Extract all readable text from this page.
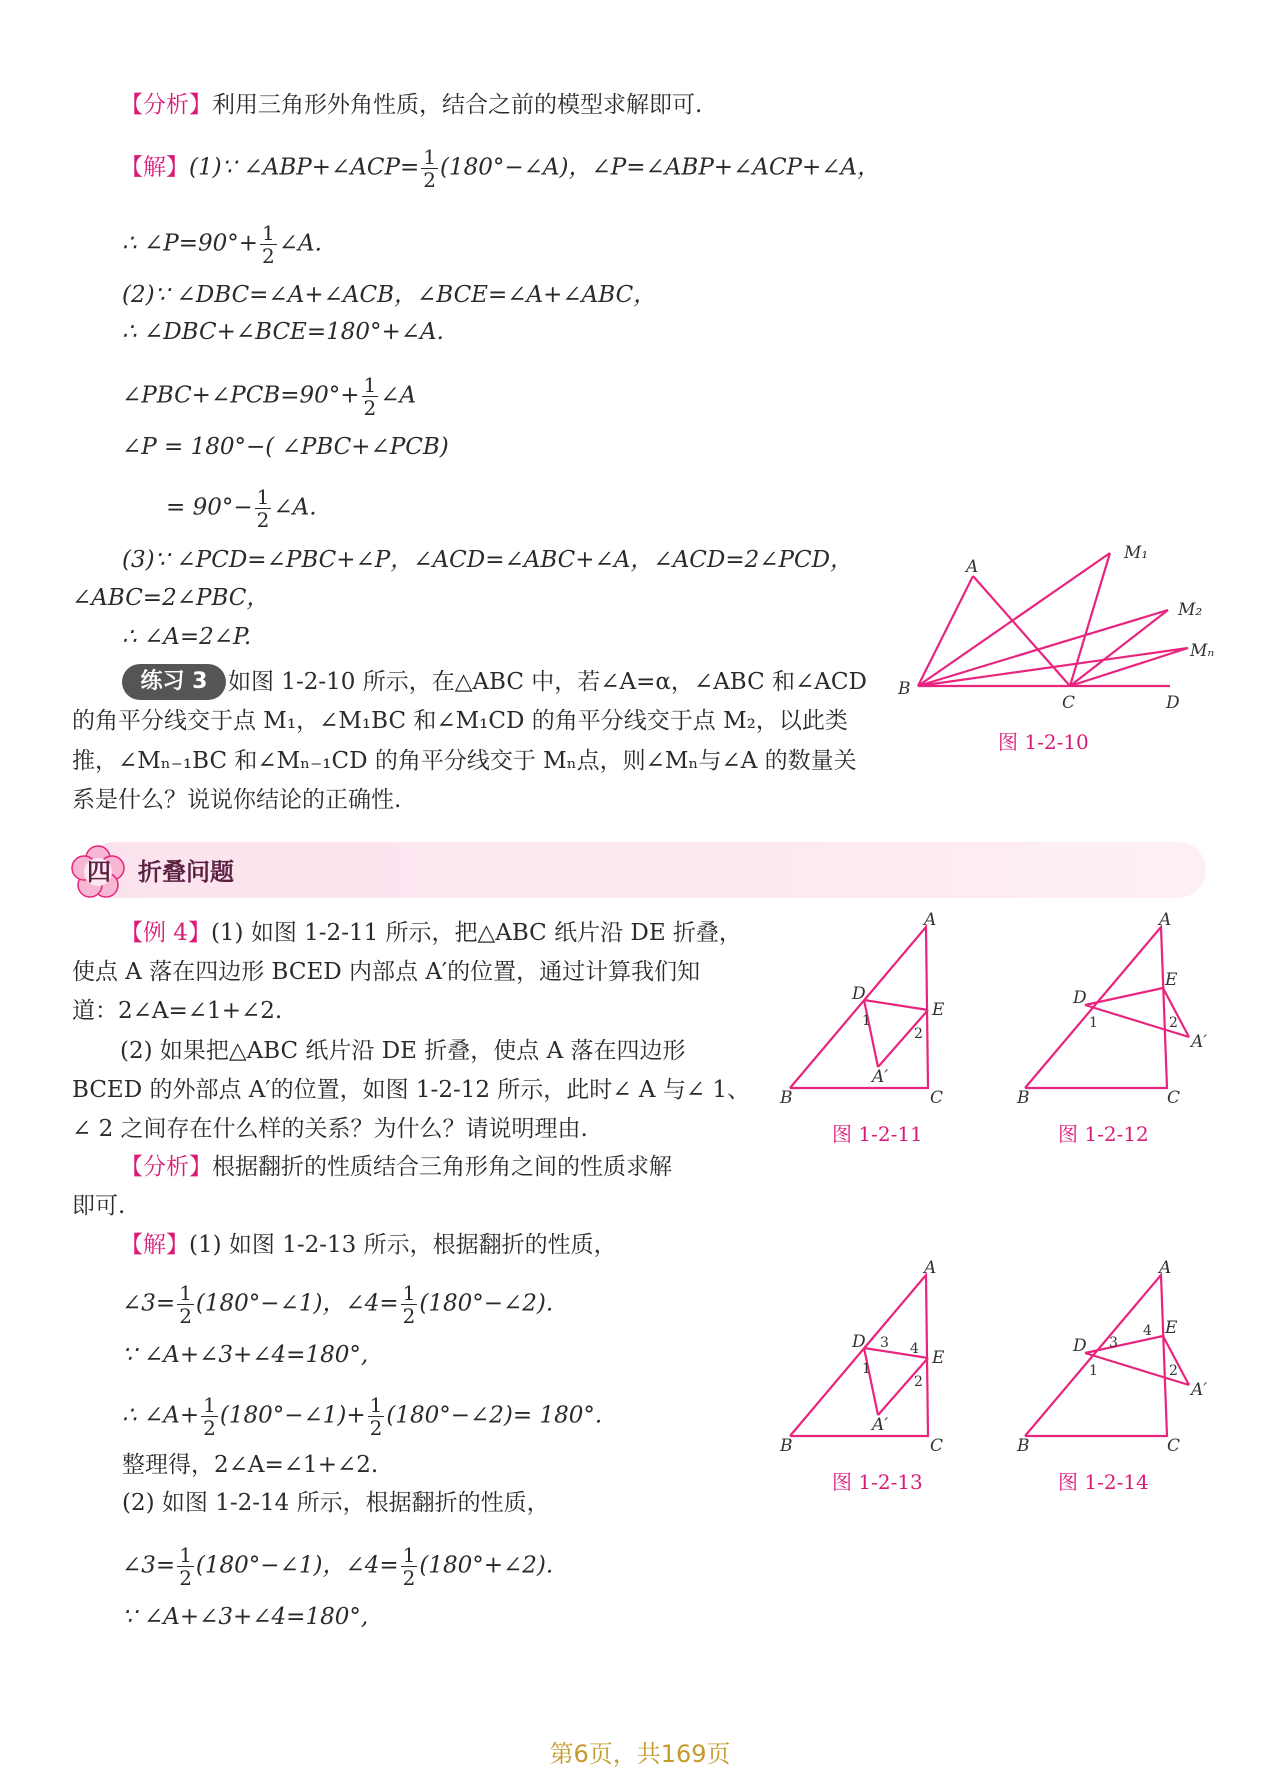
【分析】利用三角形外角性质，结合之前的模型求解即可.
【解】(1)∵ ∠ABP+∠ACP= $\frac{1}{2}$ (180°−∠A)，∠P=∠ABP+∠ACP+∠A，
∴ ∠P=90°+ $\frac{1}{2}$ ∠A.
(2)∵ ∠DBC=∠A+∠ACB，∠BCE=∠A+∠ABC，
∴ ∠DBC+∠BCE=180°+∠A.
∠PBC+∠PCB=90°+ $\frac{1}{2}$ ∠A
∠P = 180°−( ∠PBC+∠PCB)
= $90^\circ- \frac{1}{2}$ ∠A.
(3)∵ ∠PCD=∠PBC+∠P，∠ACD=∠ABC+∠A，∠ACD=2∠PCD，
∠ABC=2∠PBC，
∴ ∠A=2∠P.
练习 3 如图 1-2-10 所示，在△ABC 中，若∠A=α，∠ABC 和∠ACD
的角平分线交于点 M₁，∠M₁BC 和∠M₁CD 的角平分线交于点 M₂，以此类
推，∠Mₙ₋₁BC 和∠Mₙ₋₁CD 的角平分线交于 Mₙ点，则∠Mₙ与∠A 的数量关
系是什么？说说你结论的正确性.
A
M₁
M₂
Mₙ
B
C	D
图 1-2-10
四	折叠问题
【例 4】(1) 如图 1-2-11 所示，把△ABC 纸片沿 DE 折叠，
使点 A 落在四边形 BCED 内部点 A′的位置，通过计算我们知
道：2∠A=∠1+∠2.
(2) 如果把△ABC 纸片沿 DE 折叠，使点 A 落在四边形
BCED 的外部点 A′的位置，如图 1-2-12 所示，此时∠ A 与∠ 1、
∠ 2 之间存在什么样的关系？为什么？请说明理由.
【分析】根据翻折的性质结合三角形角之间的性质求解
即可.
【解】(1) 如图 1-2-13 所示，根据翻折的性质，
∠3= $\frac{1}{2}$ (180°−∠1)，∠4= $\frac{1}{2}$ (180°−∠2).
∵ ∠A+∠3+∠4=180°,
∴ ∠A+ $\frac{1}{2}$ (180°−∠1)+ $\frac{1}{2}$ (180°−∠2)= 180°.
整理得，2∠A=∠1+∠2.
(2) 如图 1-2-14 所示，根据翻折的性质，
∠3= $\frac{1}{2}$ (180°−∠1)，∠4= $\frac{1}{2}$ (180°+∠2).
∵ ∠A+∠3+∠4=180°,
A
D
E
1
2
A′
B	C
图 1-2-11
A
D
E
1	2
A′
B	C
图 1-2-12
A
D 3 4 E
1
2
A′
B	C
图 1-2-13
A
D 3
4 E
1	2
A′
B	C
图 1-2-14
第6页，共169页
